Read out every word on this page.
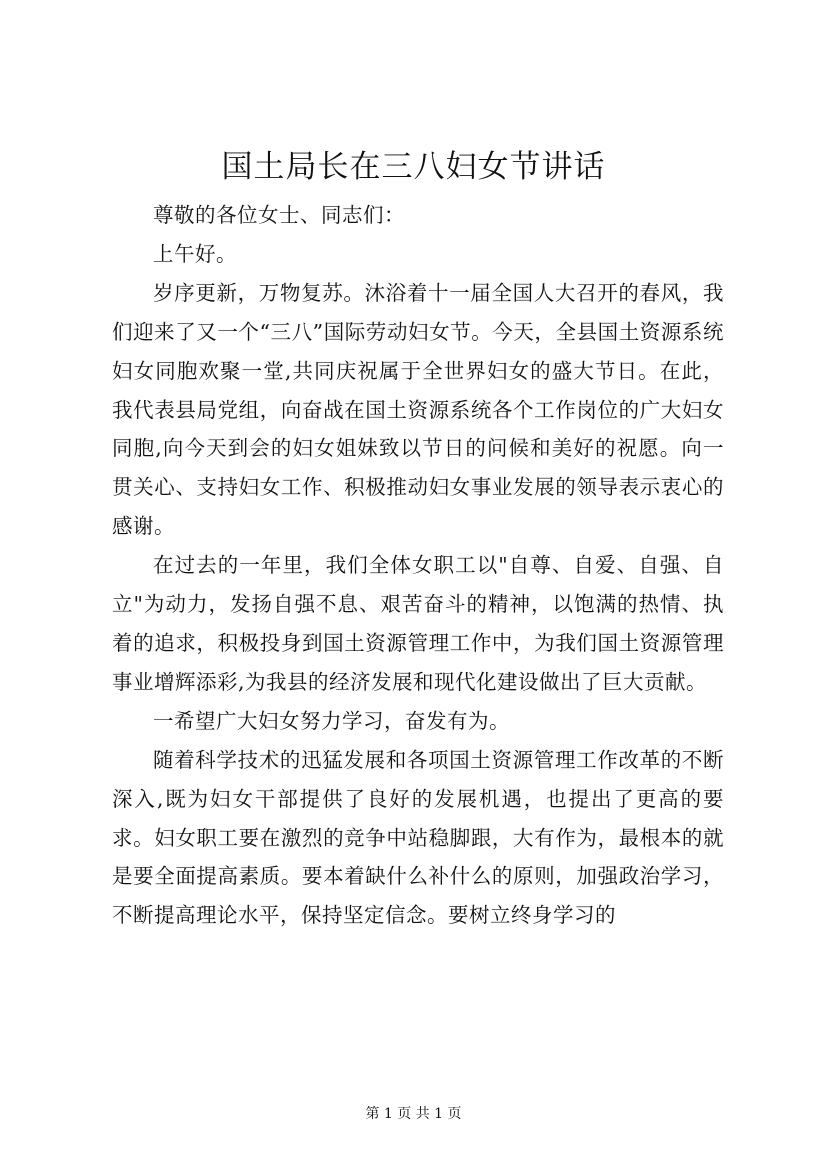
国土局长在三八妇女节讲话

尊敬的各位女士、同志们：

上午好。

岁序更新，万物复苏。沐浴着十一届全国人大召开的春风，我们迎来了又一个“三八”国际劳动妇女节。今天，全县国土资源系统妇女同胞欢聚一堂,共同庆祝属于全世界妇女的盛大节日。在此，我代表县局党组，向奋战在国土资源系统各个工作岗位的广大妇女同胞,向今天到会的妇女姐妹致以节日的问候和美好的祝愿。向一贯关心、支持妇女工作、积极推动妇女事业发展的领导表示衷心的感谢。

在过去的一年里，我们全体女职工以"自尊、自爱、自强、自立"为动力，发扬自强不息、艰苦奋斗的精神，以饱满的热情、执着的追求，积极投身到国土资源管理工作中，为我们国土资源管理事业增辉添彩,为我县的经济发展和现代化建设做出了巨大贡献。

一希望广大妇女努力学习，奋发有为。

随着科学技术的迅猛发展和各项国土资源管理工作改革的不断深入,既为妇女干部提供了良好的发展机遇，也提出了更高的要求。妇女职工要在激烈的竞争中站稳脚跟，大有作为，最根本的就是要全面提高素质。要本着缺什么补什么的原则，加强政治学习，不断提高理论水平，保持坚定信念。要树立终身学习的

第 1 页 共 1 页
